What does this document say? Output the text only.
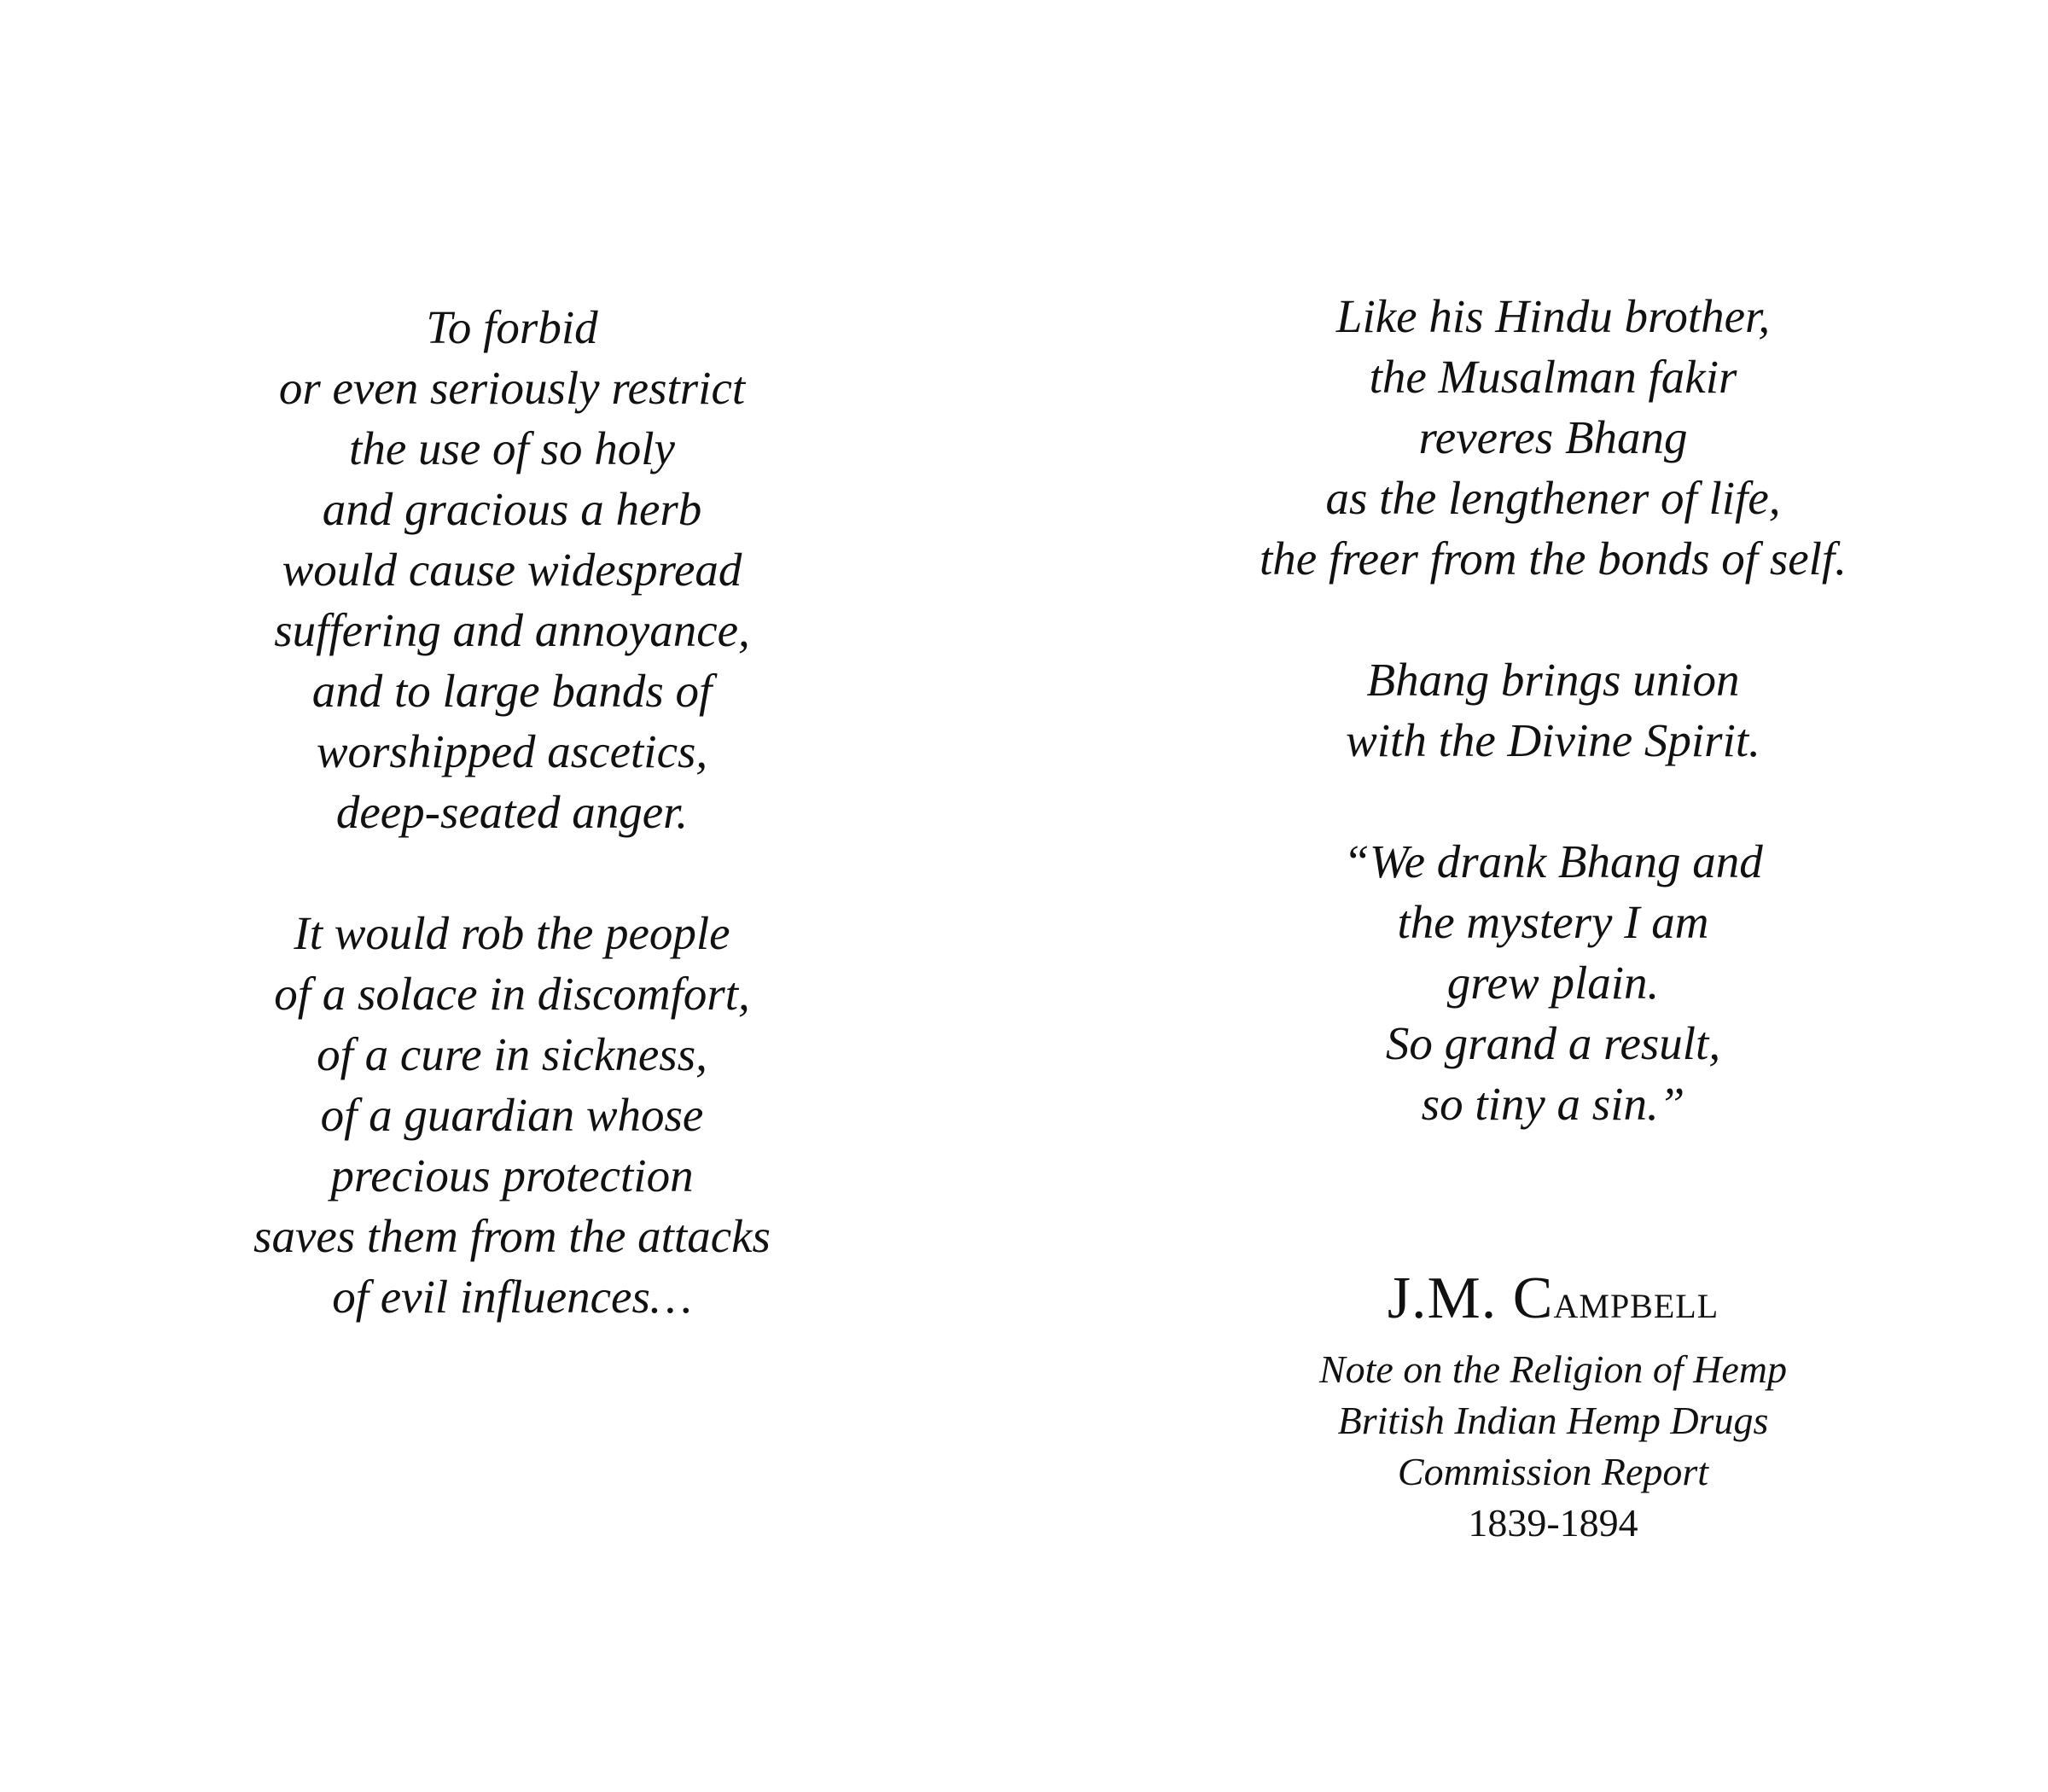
To forbid
or even seriously restrict
the use of so holy
and gracious a herb
would cause widespread
suffering and annoyance,
and to large bands of
worshipped ascetics,
deep-seated anger.

It would rob the people
of a solace in discomfort,
of a cure in sickness,
of a guardian whose
precious protection
saves them from the attacks
of evil influences…

Like his Hindu brother,
the Musalman fakir
reveres Bhang
as the lengthener of life,
the freer from the bonds of self.

Bhang brings union
with the Divine Spirit.

“We drank Bhang and
the mystery I am
grew plain.
So grand a result,
so tiny a sin.”

J.M. CAMPBELL
Note on the Religion of Hemp
British Indian Hemp Drugs
Commission Report
1839-1894
